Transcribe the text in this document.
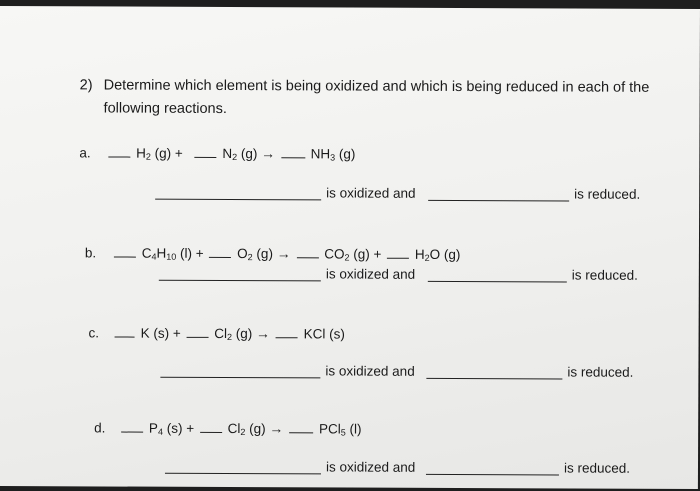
2) Determine which element is being oxidized and which is being reduced in each of the
following reactions.
a.	$H_2$ (g) +	$N_2$ (g) →	$NH_3$ (g)
is oxidized and	is reduced.
b.	$C_4H_{10}$ $(l) + O_2$ $(g) \to CO_2$ $(g) + H_2O$ (g)
is oxidized and	is reduced.
c.	K $(s) + Cl_2$ (g) → KCl (s)
is oxidized and	is reduced.
d.	$P_4$ $(s) + Cl_2$ (g) →	PCl$_5$ (l)
is oxidized and	is reduced.
